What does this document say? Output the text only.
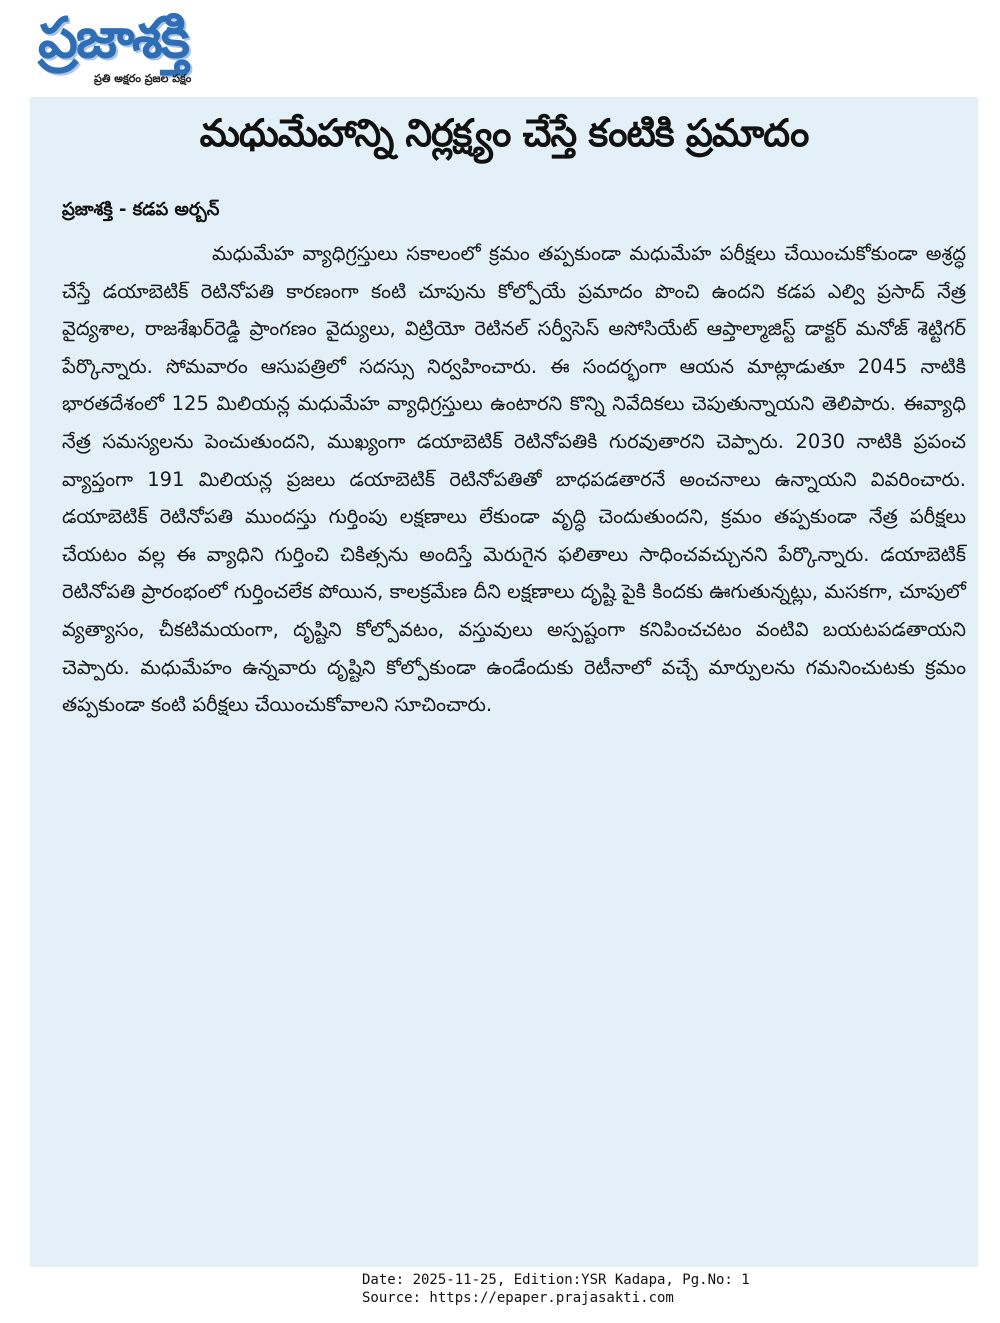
ప్రజాశక్తి
ప్రతి అక్షరం ప్రజల పక్షం
మధుమేహాన్ని నిర్లక్ష్యం చేస్తే కంటికి ప్రమాదం
ప్రజాశక్తి - కడప అర్బన్

మధుమేహ వ్యాధిగ్రస్తులు సకాలంలో క్రమం తప్పకుండా మధుమేహ పరీక్షలు చేయించుకోకుండా అశ్రద్ధ చేస్తే డయాబెటిక్ రెటినోపతి కారణంగా కంటి చూపును కోల్పోయే ప్రమాదం పొంచి ఉందని కడప ఎల్వి ప్రసాద్ నేత్ర వైద్యశాల, రాజశేఖర్‌రెడ్డి ప్రాంగణం వైద్యులు, విట్రియో రెటినల్ సర్వీసెస్ అసోసియేట్ ఆప్తాల్మాజిస్ట్ డాక్టర్ మనోజ్ శెట్టిగర్ పేర్కొన్నారు. సోమవారం ఆసుపత్రిలో సదస్సు నిర్వహించారు. ఈ సందర్భంగా ఆయన మాట్లాడుతూ 2045 నాటికి భారతదేశంలో 125 మిలియన్ల మధుమేహ వ్యాధిగ్రస్తులు ఉంటారని కొన్ని నివేదికలు చెపుతున్నాయని తెలిపారు. ఈవ్యాధి నేత్ర సమస్యలను పెంచుతుందని, ముఖ్యంగా డయాబెటిక్ రెటినోపతికి గురవుతారని చెప్పారు. 2030 నాటికి ప్రపంచ వ్యాప్తంగా 191 మిలియన్ల ప్రజలు డయాబెటిక్ రెటినోపతితో బాధపడతారనే అంచనాలు ఉన్నాయని వివరించారు. డయాబెటిక్ రెటినోపతి ముందస్తు గుర్తింపు లక్షణాలు లేకుండా వృద్ధి చెందుతుందని, క్రమం తప్పకుండా నేత్ర పరీక్షలు చేయటం వల్ల ఈ వ్యాధిని గుర్తించి చికిత్సను అందిస్తే మెరుగైన ఫలితాలు సాధించవచ్చునని పేర్కొన్నారు. డయాబెటిక్ రెటినోపతి ప్రారంభంలో గుర్తించలేక పోయిన, కాలక్రమేణ దీని లక్షణాలు దృష్టి పైకి కిందకు ఊగుతున్నట్లు, మసకగా, చూపులో వ్యత్యాసం, చీకటిమయంగా, దృష్టిని కోల్పోవటం, వస్తువులు అస్పష్టంగా కనిపించచటం వంటివి బయటపడతాయని చెప్పారు. మధుమేహం ఉన్నవారు దృష్టిని కోల్పోకుండా ఉండేందుకు రెటీనాలో వచ్చే మార్పులను గమనించుటకు క్రమం తప్పకుండా కంటి పరీక్షలు చేయించుకోవాలని సూచించారు.

Date: 2025-11-25, Edition:YSR Kadapa, Pg.No: 1
Source: https://epaper.prajasakti.com
